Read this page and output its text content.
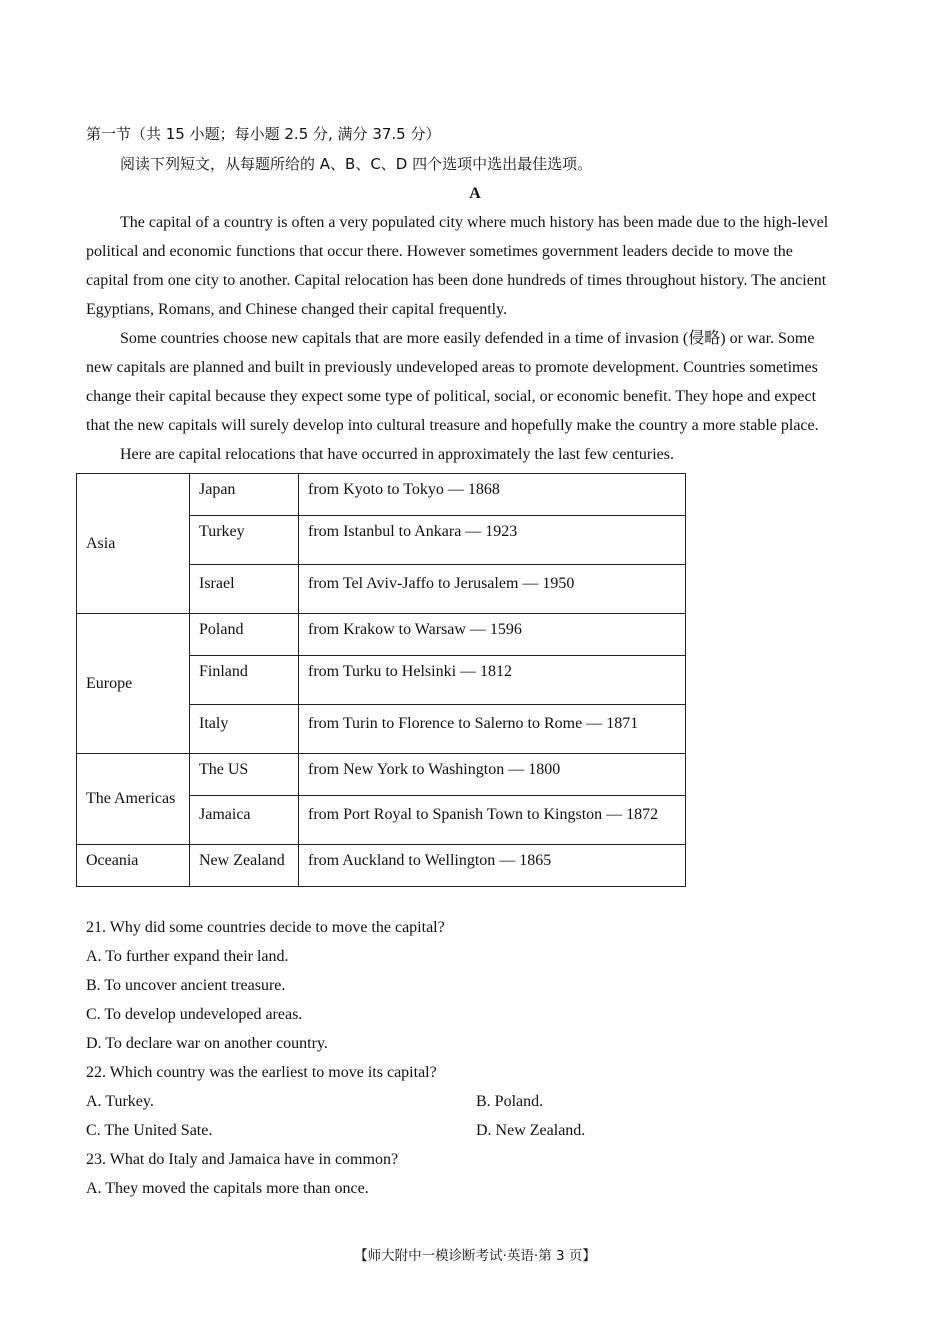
第一节（共 15 小题；每小题 2.5 分, 满分 37.5 分）
阅读下列短文，从每题所给的 A、B、C、D 四个选项中选出最佳选项。
A
The capital of a country is often a very populated city where much history has been made due to the high-level
political and economic functions that occur there. However sometimes government leaders decide to move the
capital from one city to another. Capital relocation has been done hundreds of times throughout history. The ancient
Egyptians, Romans, and Chinese changed their capital frequently.
Some countries choose new capitals that are more easily defended in a time of invasion (侵略) or war. Some
new capitals are planned and built in previously undeveloped areas to promote development. Countries sometimes
change their capital because they expect some type of political, social, or economic benefit. They hope and expect
that the new capitals will surely develop into cultural treasure and hopefully make the country a more stable place.
Here are capital relocations that have occurred in approximately the last few centuries.
Asia	Japan	from Kyoto to Tokyo — 1868
	Turkey	from Istanbul to Ankara — 1923
	Israel	from Tel Aviv-Jaffo to Jerusalem — 1950
Europe	Poland	from Krakow to Warsaw — 1596
	Finland	from Turku to Helsinki — 1812
	Italy	from Turin to Florence to Salerno to Rome — 1871
The Americas	The US	from New York to Washington — 1800
	Jamaica	from Port Royal to Spanish Town to Kingston — 1872
Oceania	New Zealand	from Auckland to Wellington — 1865
21. Why did some countries decide to move the capital?
A. To further expand their land.
B. To uncover ancient treasure.
C. To develop undeveloped areas.
D. To declare war on another country.
22. Which country was the earliest to move its capital?
A. Turkey.	B. Poland.
C. The United Sate.	D. New Zealand.
23. What do Italy and Jamaica have in common?
A. They moved the capitals more than once.
【师大附中一模诊断考试·英语·第 3 页】
